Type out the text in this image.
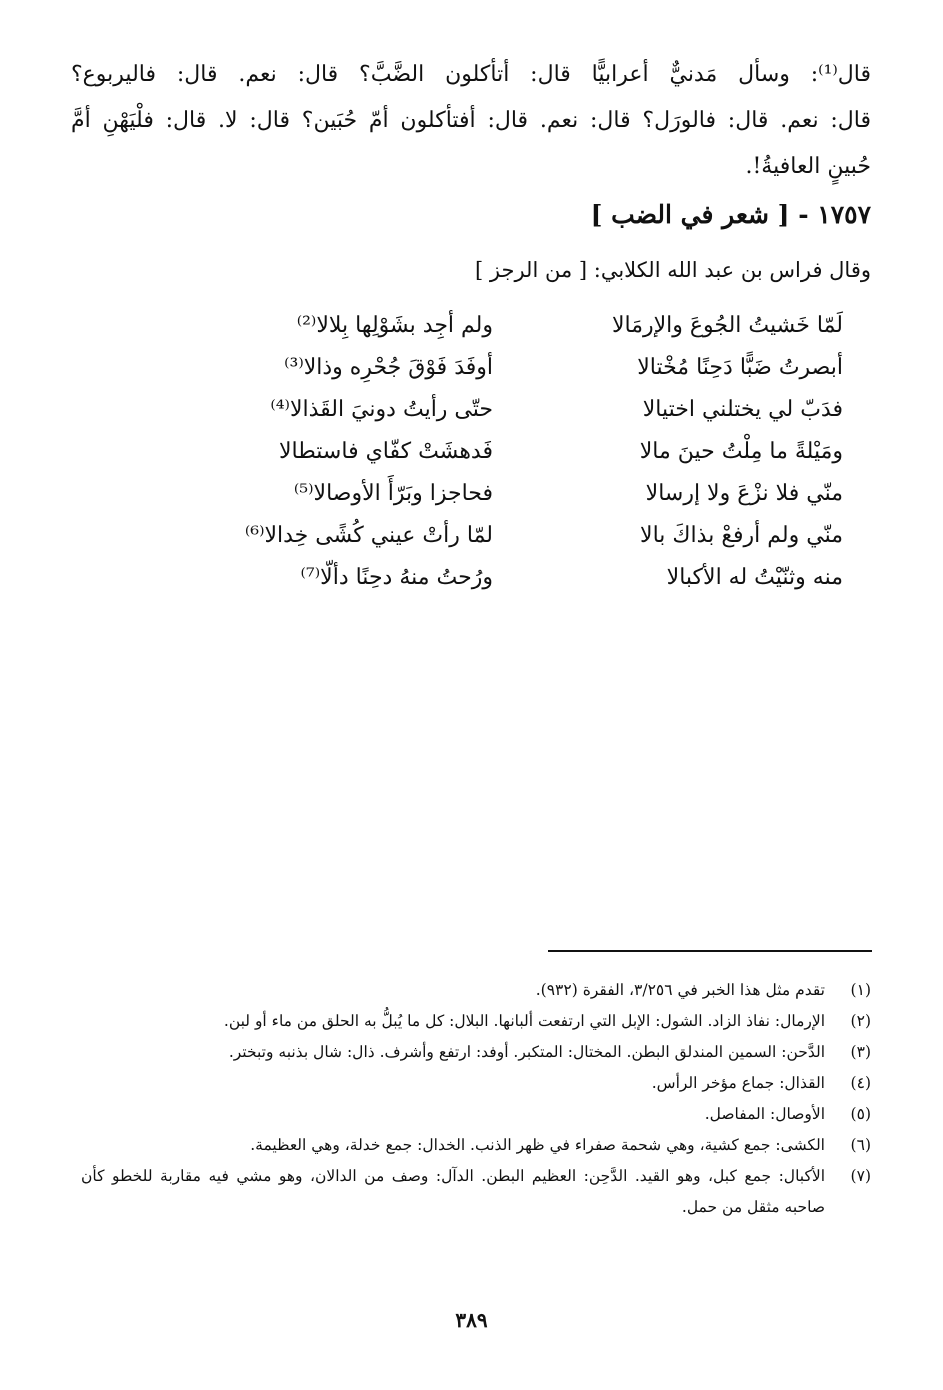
قال⁽¹⁾: وسأل مَدنيٌّ أعرابيًّا قال: أتأكلون الضَّبَّ؟ قال: نعم. قال: فاليربوع؟
قال: نعم. قال: فالورَل؟ قال: نعم. قال: أفتأكلون أمّ حُبَين؟ قال: لا. قال: فلْيَهْنِ أمَّ
حُبينٍ العافيةُ!.
١٧٥٧ - [ شعر في الضب ]
وقال فراس بن عبد الله الكلابي: [ من الرجز ]
لَمّا خَشيتُ الجُوعَ والإرمَالا
ولم أجِد بشَوْلِها بِلالا⁽²⁾
أبصرتُ ضَبًّا دَحِنًا مُخْتالا
أوفَدَ فَوْقَ جُحْرِه وذالا⁽³⁾
فدَبّ لي يختلني اختيالا
حتّى رأيتُ دونيَ القَذالا⁽⁴⁾
ومَيْلةً ما مِلْتُ حينَ مالا
فَدهشَتْ كفّاي فاستطالا
منّي فلا نزْعَ ولا إرسالا
فحاجزا وبَرّأَ الأوصالا⁽⁵⁾
منّي ولم أرفعْ بذاكَ بالا
لمّا رأتْ عيني كُشًى خِدالا⁽⁶⁾
منه وثنّيْتُ له الأكبالا
ورُحتُ منهُ دحِنًا دألّا⁽⁷⁾
(١)
تقدم مثل هذا الخبر في ٣/٢٥٦، الفقرة (٩٣٢).
(٢)
الإرمال: نفاذ الزاد. الشول: الإبل التي ارتفعت ألبانها. البلال: كل ما يُبلُّ به الحلق من ماء أو لبن.
(٣)
الدَّحن: السمين المندلق البطن. المختال: المتكبر. أوفد: ارتفع وأشرف. ذال: شال بذنبه وتبختر.
(٤)
القذال: جماع مؤخر الرأس.
(٥)
الأوصال: المفاصل.
(٦)
الكشى: جمع كشية، وهي شحمة صفراء في ظهر الذنب. الخدال: جمع خدلة، وهي العظيمة.
(٧)
الأكبال: جمع كبل، وهو القيد. الدَّحِن: العظيم البطن. الدآل: وصف من الدالان، وهو مشي فيه مقاربة للخطو كأن صاحبه مثقل من حمل.
٣٨٩
